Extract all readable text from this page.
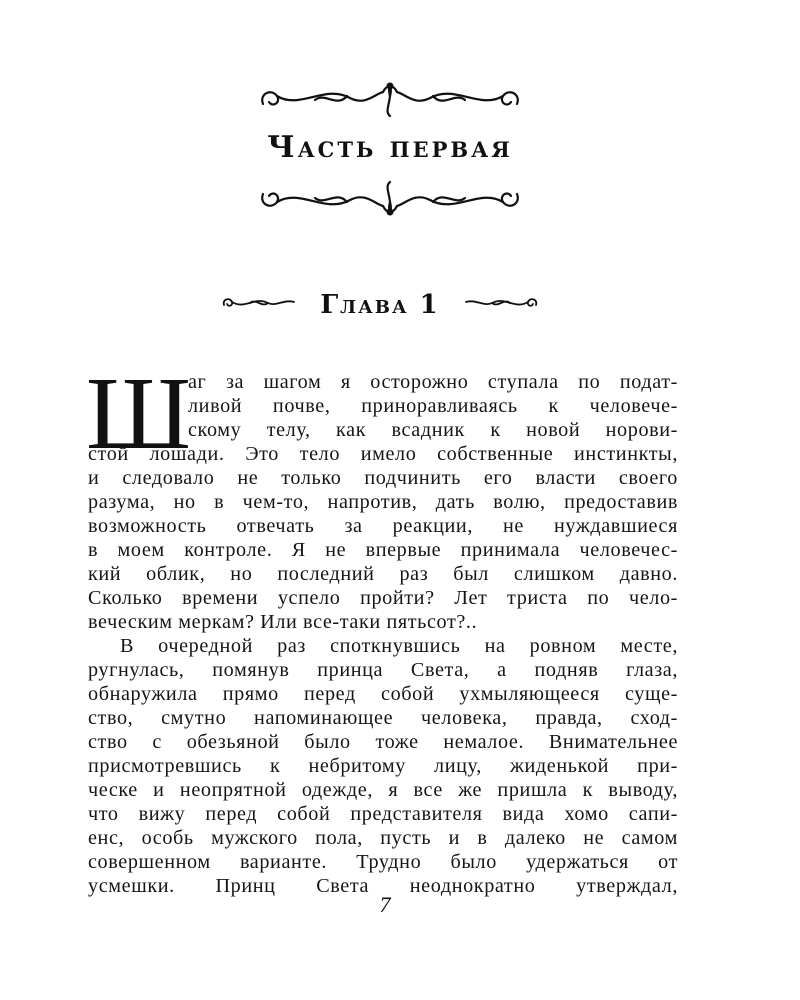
Часть первая
Глава 1
Ш
аг за шагом я осторожно ступала по подат-
ливой почве, приноравливаясь к человече-
скому телу, как всадник к новой норови-
стой лошади. Это тело имело собственные инстинкты,
и следовало не только подчинить его власти своего
разума, но в чем-то, напротив, дать волю, предоставив
возможность отвечать за реакции, не нуждавшиеся
в моем контроле. Я не впервые принимала человечес-
кий облик, но последний раз был слишком давно.
Сколько времени успело пройти? Лет триста по чело-
веческим меркам? Или все-таки пятьсот?..
В очередной раз споткнувшись на ровном месте,
ругнулась, помянув принца Света, а подняв глаза,
обнаружила прямо перед собой ухмыляющееся суще-
ство, смутно напоминающее человека, правда, сход-
ство с обезьяной было тоже немалое. Внимательнее
присмотревшись к небритому лицу, жиденькой при-
ческе и неопрятной одежде, я все же пришла к выводу,
что вижу перед собой представителя вида хомо сапи-
енс, особь мужского пола, пусть и в далеко не самом
совершенном варианте. Трудно было удержаться от
усмешки. Принц Света неоднократно утверждал,
7
